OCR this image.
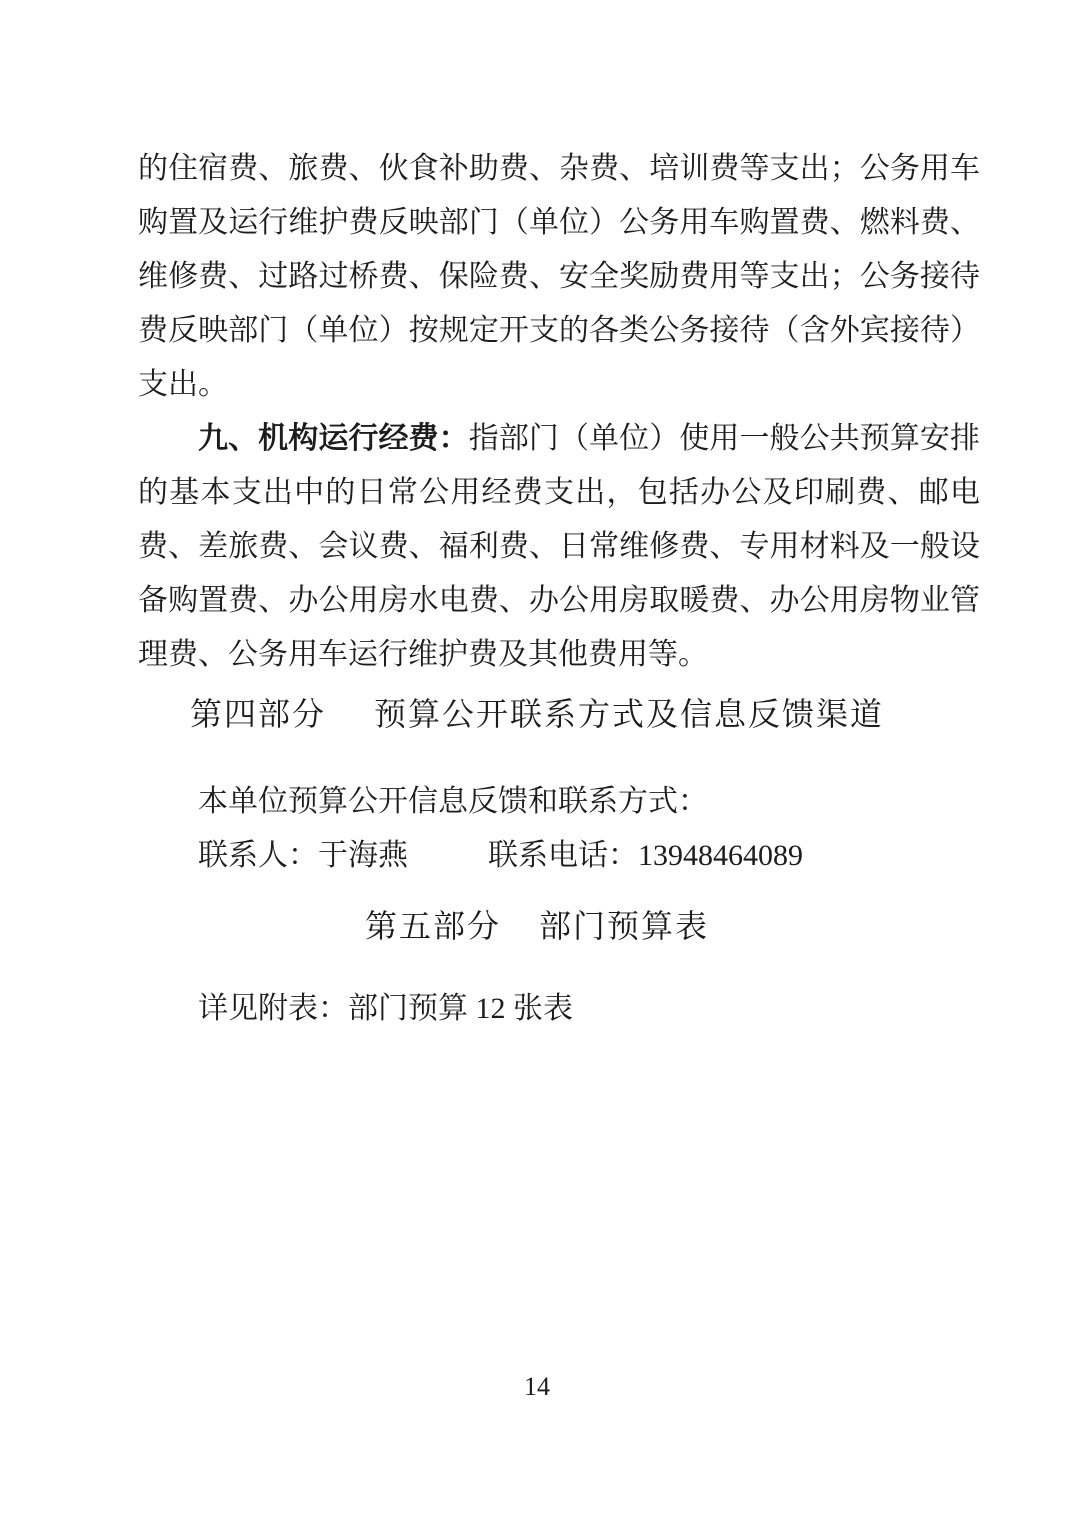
的住宿费、旅费、伙食补助费、杂费、培训费等支出；公务用车购置及运行维护费反映部门（单位）公务用车购置费、燃料费、维修费、过路过桥费、保险费、安全奖励费用等支出；公务接待费反映部门（单位）按规定开支的各类公务接待（含外宾接待）支出。

九、机构运行经费：指部门（单位）使用一般公共预算安排的基本支出中的日常公用经费支出，包括办公及印刷费、邮电费、差旅费、会议费、福利费、日常维修费、专用材料及一般设备购置费、办公用房水电费、办公用房取暖费、办公用房物业管理费、公务用车运行维护费及其他费用等。

第四部分 预算公开联系方式及信息反馈渠道

本单位预算公开信息反馈和联系方式：

联系人：于海燕	联系电话：13948464089

第五部分 部门预算表

详见附表：部门预算 12 张表

14
